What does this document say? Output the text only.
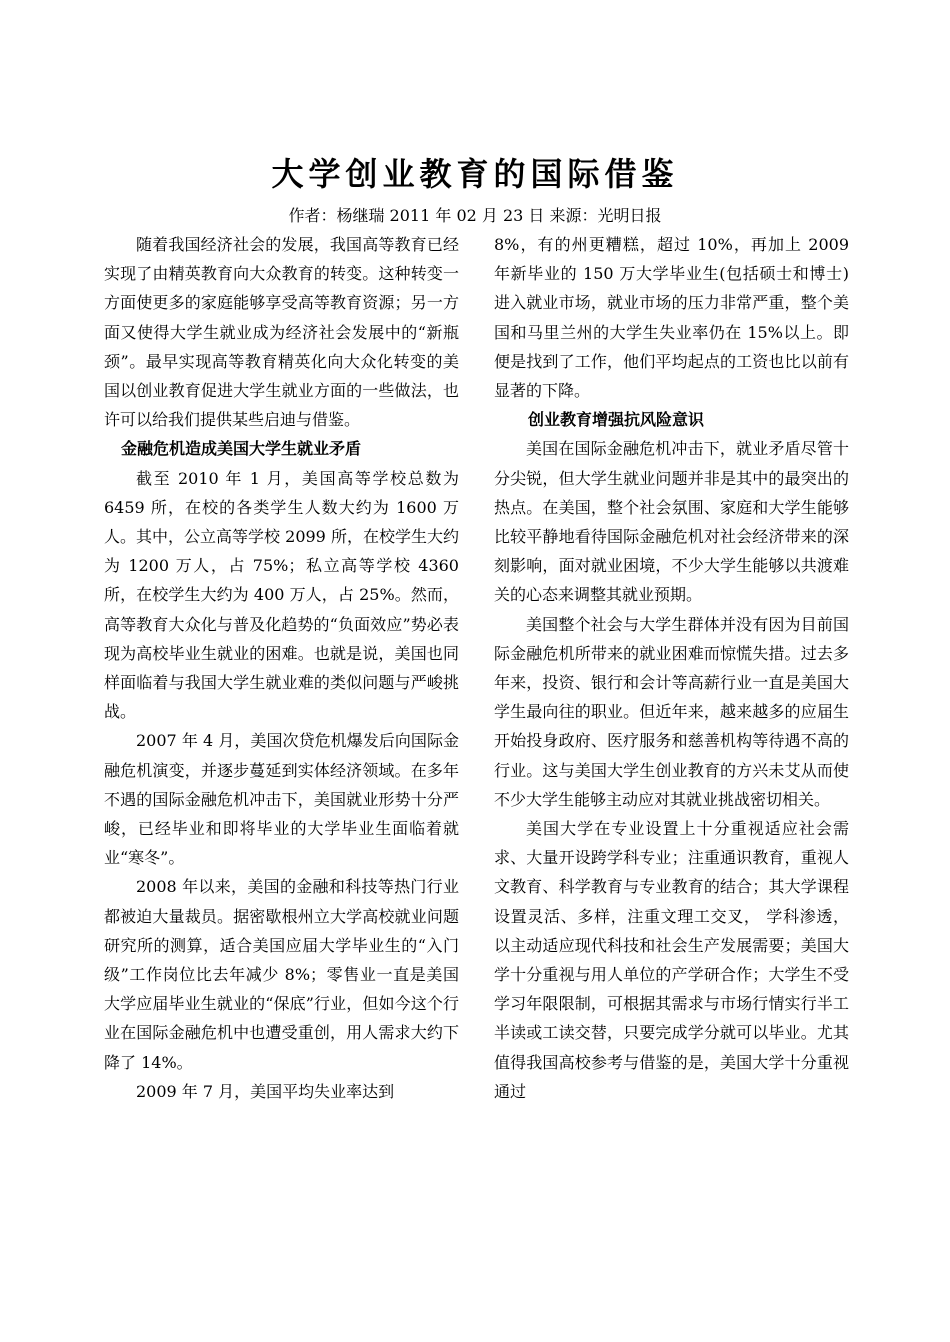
大学创业教育的国际借鉴
作者：杨继瑞 2011 年 02 月 23 日 来源：光明日报

随着我国经济社会的发展，我国高等教育已经实现了由精英教育向大众教育的转变。这种转变一方面使更多的家庭能够享受高等教育资源；另一方面又使得大学生就业成为经济社会发展中的“新瓶颈”。最早实现高等教育精英化向大众化转变的美国以创业教育促进大学生就业方面的一些做法，也许可以给我们提供某些启迪与借鉴。

金融危机造成美国大学生就业矛盾

截至 2010 年 1 月，美国高等学校总数为 6459 所，在校的各类学生人数大约为 1600 万人。其中，公立高等学校 2099 所，在校学生大约为 1200 万人，占 75%；私立高等学校 4360 所，在校学生大约为 400 万人，占 25%。然而，高等教育大众化与普及化趋势的“负面效应”势必表现为高校毕业生就业的困难。也就是说，美国也同样面临着与我国大学生就业难的类似问题与严峻挑战。

2007 年 4 月，美国次贷危机爆发后向国际金融危机演变，并逐步蔓延到实体经济领域。在多年不遇的国际金融危机冲击下，美国就业形势十分严峻，已经毕业和即将毕业的大学毕业生面临着就业“寒冬”。

2008 年以来，美国的金融和科技等热门行业都被迫大量裁员。据密歇根州立大学高校就业问题研究所的测算，适合美国应届大学毕业生的“入门级”工作岗位比去年减少 8%；零售业一直是美国大学应届毕业生就业的“保底”行业，但如今这个行业在国际金融危机中也遭受重创，用人需求大约下降了 14%。

2009 年 7 月，美国平均失业率达到

8%，有的州更糟糕，超过 10%，再加上 2009 年新毕业的 150 万大学毕业生(包括硕士和博士)进入就业市场，就业市场的压力非常严重，整个美国和马里兰州的大学生失业率仍在 15%以上。即便是找到了工作，他们平均起点的工资也比以前有显著的下降。

创业教育增强抗风险意识

美国在国际金融危机冲击下，就业矛盾尽管十分尖锐，但大学生就业问题并非是其中的最突出的热点。在美国，整个社会氛围、家庭和大学生能够比较平静地看待国际金融危机对社会经济带来的深刻影响，面对就业困境，不少大学生能够以共渡难关的心态来调整其就业预期。

美国整个社会与大学生群体并没有因为目前国际金融危机所带来的就业困难而惊慌失措。过去多年来，投资、银行和会计等高薪行业一直是美国大学生最向往的职业。但近年来，越来越多的应届生开始投身政府、医疗服务和慈善机构等待遇不高的行业。这与美国大学生创业教育的方兴未艾从而使不少大学生能够主动应对其就业挑战密切相关。

美国大学在专业设置上十分重视适应社会需求、大量开设跨学科专业；注重通识教育，重视人文教育、科学教育与专业教育的结合；其大学课程设置灵活、多样，注重文理工交叉， 学科渗透， 以主动适应现代科技和社会生产发展需要；美国大学十分重视与用人单位的产学研合作；大学生不受学习年限限制，可根据其需求与市场行情实行半工半读或工读交替，只要完成学分就可以毕业。尤其值得我国高校参考与借鉴的是，美国大学十分重视通过
